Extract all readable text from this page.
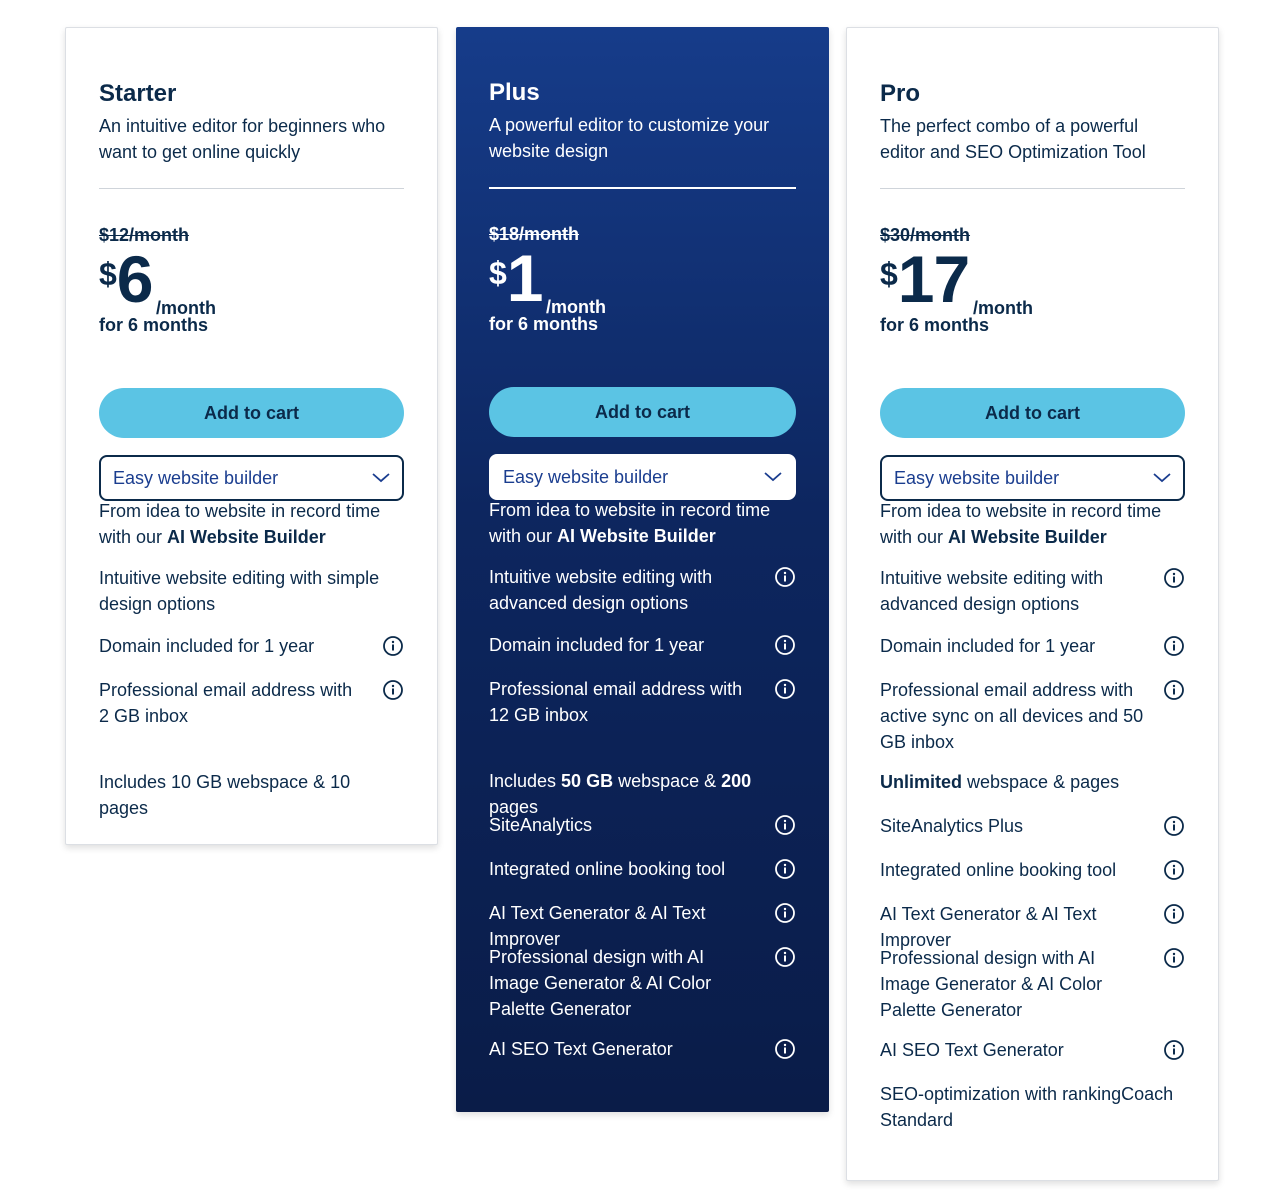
Starter
An intuitive editor for beginners who want to get online quickly
$12/month
$6 /month
for 6 months
Add to cart
Easy website builder
From idea to website in record time with our AI Website Builder
Intuitive website editing with simple design options
Domain included for 1 year
Professional email address with 2 GB inbox
Includes 10 GB webspace & 10 pages
Plus
A powerful editor to customize your website design
$18/month
$1 /month
for 6 months
Add to cart
Easy website builder
From idea to website in record time with our AI Website Builder
Intuitive website editing with advanced design options
Domain included for 1 year
Professional email address with 12 GB inbox
Includes 50 GB webspace & 200 pages
SiteAnalytics
Integrated online booking tool
AI Text Generator & AI Text Improver
Professional design with AI Image Generator & AI Color Palette Generator
AI SEO Text Generator
Pro
The perfect combo of a powerful editor and SEO Optimization Tool
$30/month
$17 /month
for 6 months
Add to cart
Easy website builder
From idea to website in record time with our AI Website Builder
Intuitive website editing with advanced design options
Domain included for 1 year
Professional email address with active sync on all devices and 50 GB inbox
Unlimited webspace & pages
SiteAnalytics Plus
Integrated online booking tool
AI Text Generator & AI Text Improver
Professional design with AI Image Generator & AI Color Palette Generator
AI SEO Text Generator
SEO-optimization with rankingCoach Standard
